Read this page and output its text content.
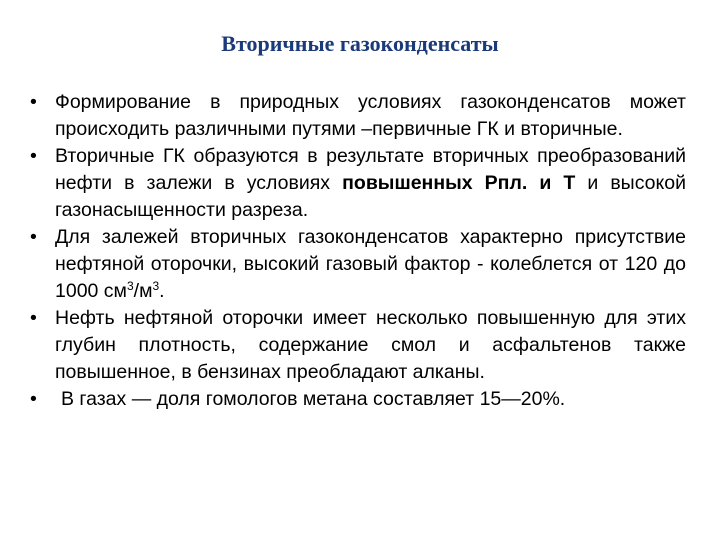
Вторичные газоконденсаты
• Формирование в природных условиях газоконденсатов может происходить различными путями –первичные ГК и вторичные.
• Вторичные ГК образуются в результате вторичных преобразований нефти в залежи в условиях повышенных Рпл. и Т и высокой газонасыщенности разреза.
• Для залежей вторичных газоконденсатов характерно присутствие нефтяной оторочки, высокий газовый фактор - колеблется от 120 до 1000 $см^3/м^3$.
• Нефть нефтяной оторочки имеет несколько повышенную для этих глубин плотность, содержание смол и асфальтенов также повышенное, в бензинах преобладают алканы.
• В газах — доля гомологов метана составляет 15—20%.
